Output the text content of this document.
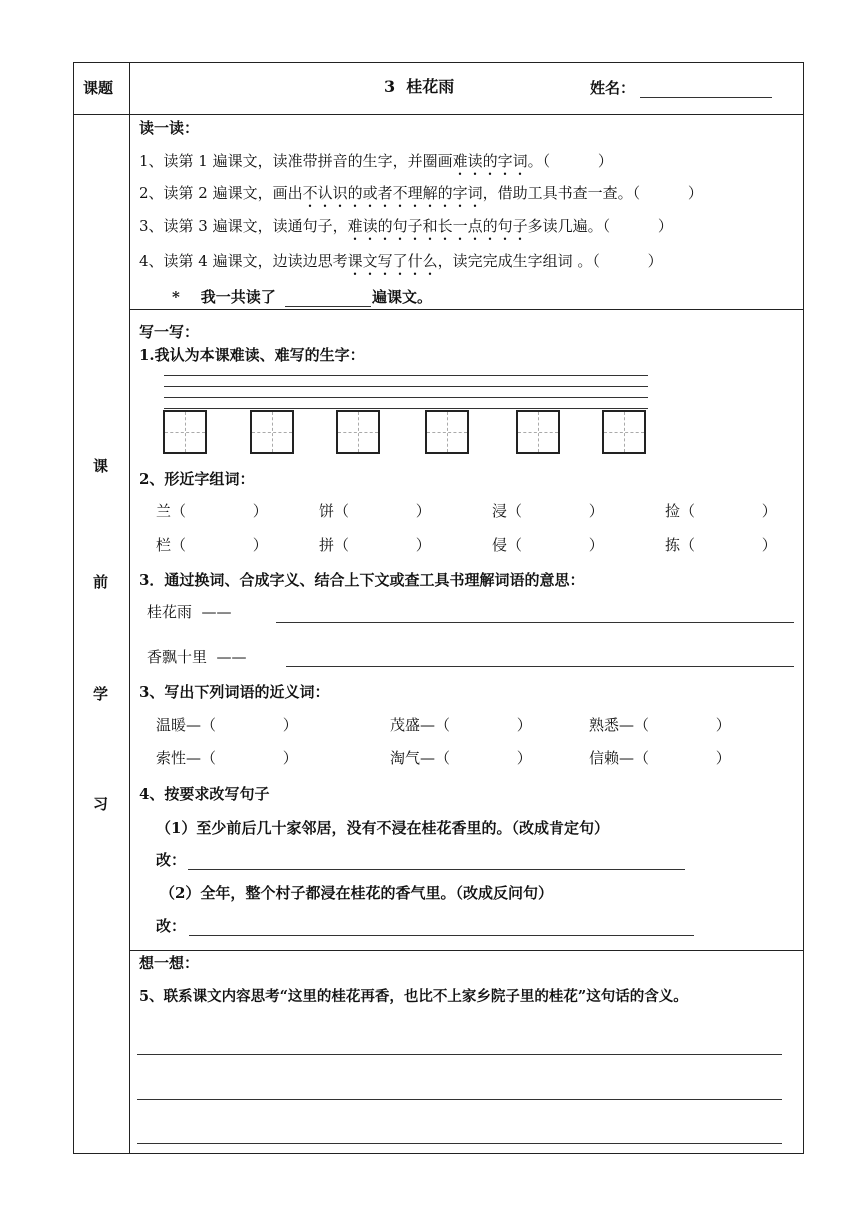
课题	3  桂花雨	姓名：
课
前
学
习
读一读：
1、读第 1 遍课文，读准带拼音的生字，并圈画难读的字词。（          ）
2、读第 2 遍课文，画出不认识的或者不理解的字词，借助工具书查一查。（          ）
3、读第 3 遍课文，读通句子，难读的句子和长一点的句子多读几遍。（          ）
4、读第 4 遍课文，边读边思考课文写了什么，读完完成生字组词 。（          ）
*    我一共读了	遍课文。
写一写：
1.我认为本课难读、难写的生字：
2、形近字组词：
兰（              ）	饼（              ）	浸（              ）	捡（              ）
栏（              ）	拼（              ）	侵（              ）	拣（              ）
3．通过换词、合成字义、结合上下文或查工具书理解词语的意思：
桂花雨  ——
香飘十里  ——
3、写出下列词语的近义词：
温暖—（              ）	茂盛—（              ）	熟悉—（              ）
索性—（              ）	淘气—（              ）	信赖—（              ）
4、按要求改写句子
（1）至少前后几十家邻居，没有不浸在桂花香里的。（改成肯定句）
改：
（2）全年，整个村子都浸在桂花的香气里。（改成反问句）
改：
想一想：
5、联系课文内容思考“这里的桂花再香，也比不上家乡院子里的桂花”这句话的含义。
